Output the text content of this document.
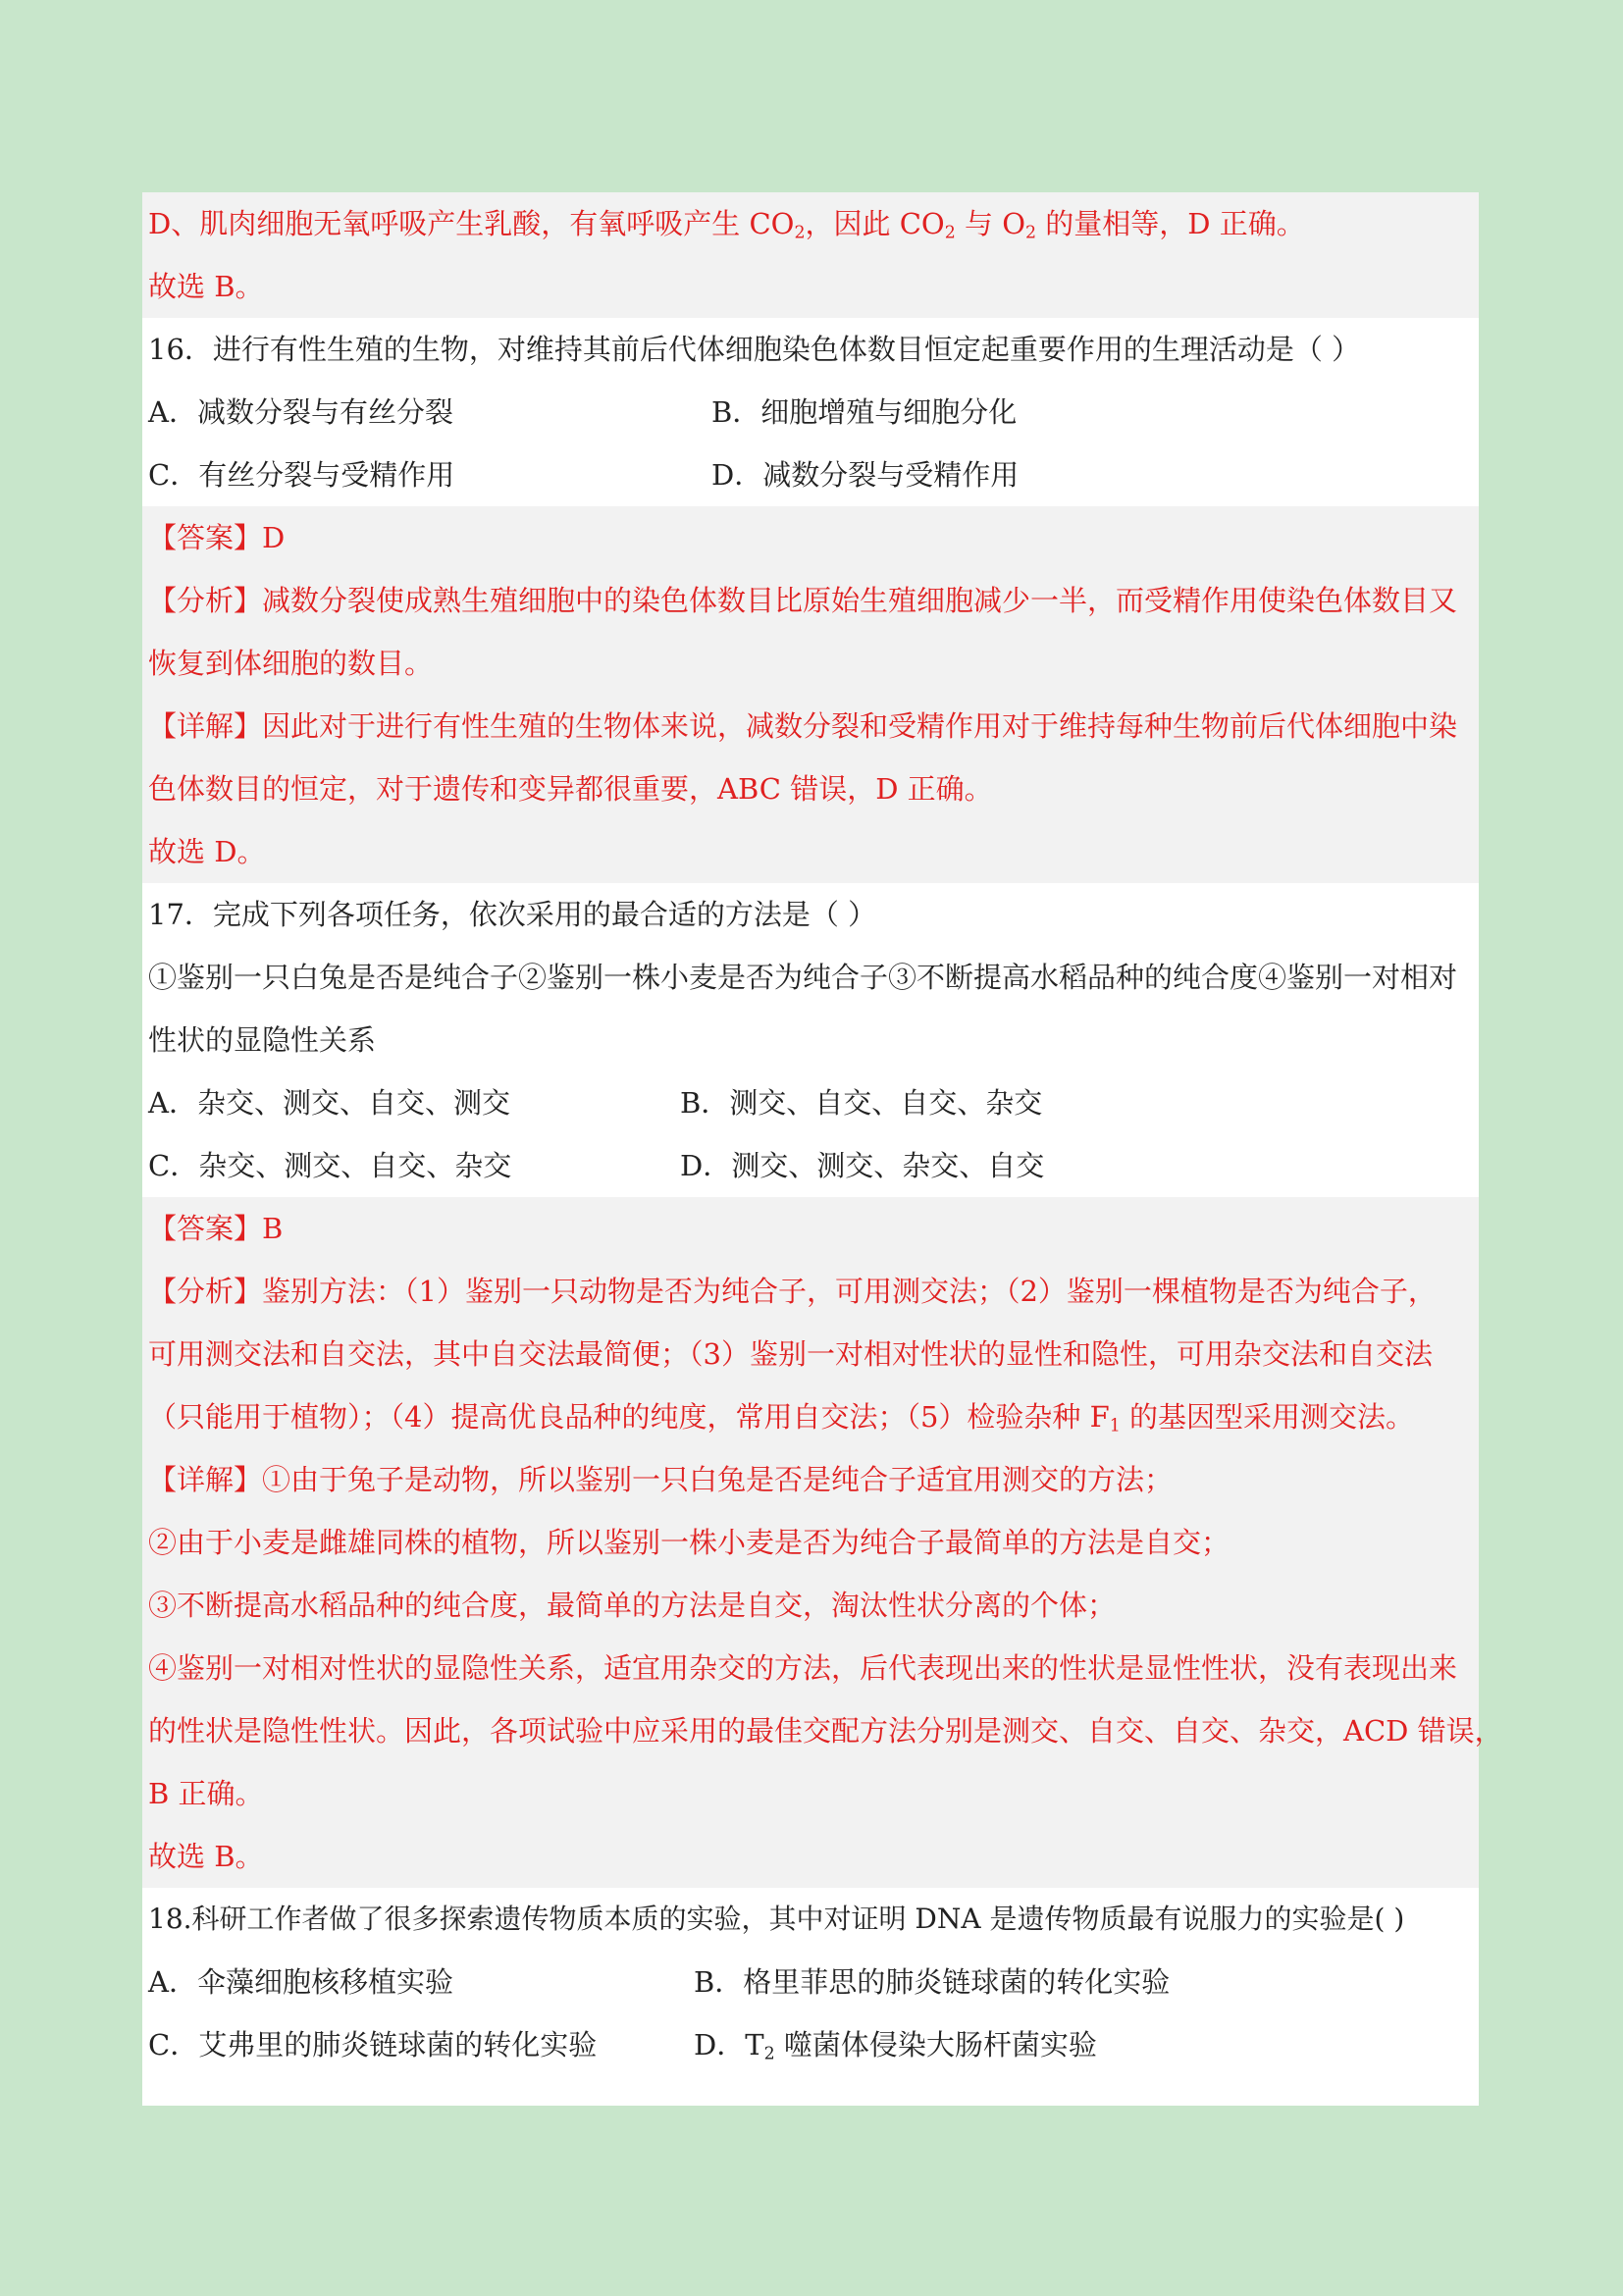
D、肌肉细胞无氧呼吸产生乳酸，有氧呼吸产生 $CO_2$，因此 $CO_2$ 与 $O_2$ 的量相等，D 正确。
故选 B。
16．进行有性生殖的生物，对维持其前后代体细胞染色体数目恒定起重要作用的生理活动是（ ）
A．减数分裂与有丝分裂	B．细胞增殖与细胞分化
C．有丝分裂与受精作用	D．减数分裂与受精作用
【答案】D
【分析】减数分裂使成熟生殖细胞中的染色体数目比原始生殖细胞减少一半，而受精作用使染色体数目又
恢复到体细胞的数目。
【详解】因此对于进行有性生殖的生物体来说，减数分裂和受精作用对于维持每种生物前后代体细胞中染
色体数目的恒定，对于遗传和变异都很重要，ABC 错误，D 正确。
故选 D。
17．完成下列各项任务，依次采用的最合适的方法是（ ）
①鉴别一只白兔是否是纯合子②鉴别一株小麦是否为纯合子③不断提高水稻品种的纯合度④鉴别一对相对
性状的显隐性关系
A．杂交、测交、自交、测交	B．测交、自交、自交、杂交
C．杂交、测交、自交、杂交	D．测交、测交、杂交、自交
【答案】B
【分析】鉴别方法：（1）鉴别一只动物是否为纯合子，可用测交法；（2）鉴别一棵植物是否为纯合子，
可用测交法和自交法，其中自交法最简便；（3）鉴别一对相对性状的显性和隐性，可用杂交法和自交法
（只能用于植物）；（4）提高优良品种的纯度，常用自交法；（5）检验杂种 $F_1$ 的基因型采用测交法。
【详解】①由于兔子是动物，所以鉴别一只白兔是否是纯合子适宜用测交的方法；
②由于小麦是雌雄同株的植物，所以鉴别一株小麦是否为纯合子最简单的方法是自交；
③不断提高水稻品种的纯合度，最简单的方法是自交，淘汰性状分离的个体；
④鉴别一对相对性状的显隐性关系，适宜用杂交的方法，后代表现出来的性状是显性性状，没有表现出来
的性状是隐性性状。因此，各项试验中应采用的最佳交配方法分别是测交、自交、自交、杂交，ACD 错误，
B 正确。
故选 B。
18.科研工作者做了很多探索遗传物质本质的实验，其中对证明 DNA 是遗传物质最有说服力的实验是( )
A．伞藻细胞核移植实验	B．格里菲思的肺炎链球菌的转化实验
C．艾弗里的肺炎链球菌的转化实验	D．$T_2$ 噬菌体侵染大肠杆菌实验
